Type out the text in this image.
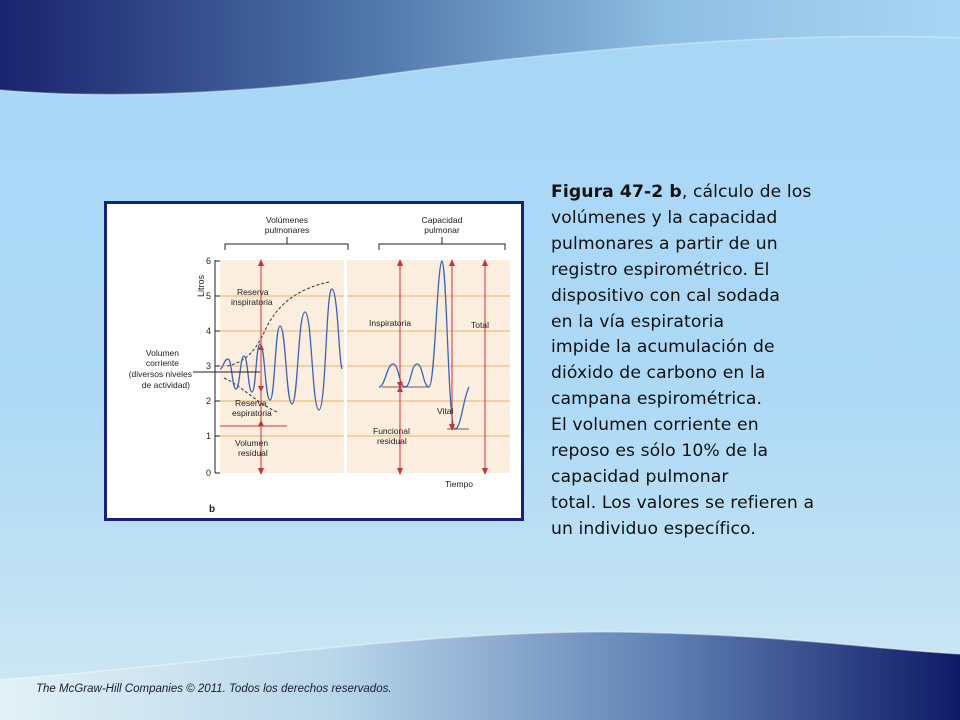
0
1
2
3
4
5
6
Litros
Volúmenes
pulmonares
Capacidad
pulmonar
Reserva
inspiratoria
Reserva
espiratoria
Volumen
residual
Volumen
corriente
(diversos niveles
de actividad)
Inspiratoria	Total
Vital
Funcional
residual
Tiempo
b
Figura 47-2 b, cálculo de los
volúmenes y la capacidad
pulmonares a partir de un
registro espirométrico. El
dispositivo con cal sodada
en la vía espiratoria
impide la acumulación de
dióxido de carbono en la
campana espirométrica.
El volumen corriente en
reposo es sólo 10% de la
capacidad pulmonar
total. Los valores se refieren a
un individuo específico.
The McGraw-Hill Companies © 2011. Todos los derechos reservados.
